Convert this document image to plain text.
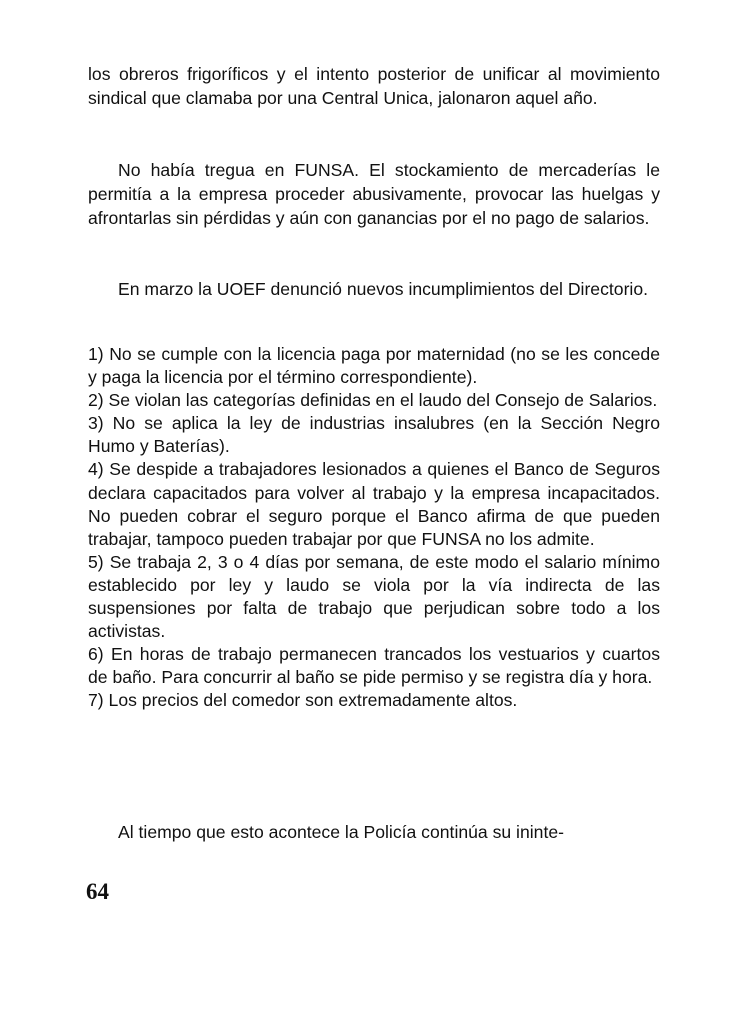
los obreros frigoríficos y el intento posterior de unificar al movimiento sindical que clamaba por una Central Unica, jalonaron aquel año.

No había tregua en FUNSA. El stockamiento de mercaderías le permitía a la empresa proceder abusivamente, provocar las huelgas y afrontarlas sin pérdidas y aún con ganancias por el no pago de salarios.

En marzo la UOEF denunció nuevos incumplimientos del Directorio.

1) No se cumple con la licencia paga por maternidad (no se les concede y paga la licencia por el término correspondiente).
2) Se violan las categorías definidas en el laudo del Consejo de Salarios.
3) No se aplica la ley de industrias insalubres (en la Sección Negro Humo y Baterías).
4) Se despide a trabajadores lesionados a quienes el Banco de Seguros declara capacitados para volver al trabajo y la empresa incapacitados. No pueden cobrar el seguro porque el Banco afirma de que pueden trabajar, tampoco pueden trabajar por que FUNSA no los admite.
5) Se trabaja 2, 3 o 4 días por semana, de este modo el salario mínimo establecido por ley y laudo se viola por la vía indirecta de las suspensiones por falta de trabajo que perjudican sobre todo a los activistas.
6) En horas de trabajo permanecen trancados los vestuarios y cuartos de baño. Para concurrir al baño se pide permiso y se registra día y hora.
7) Los precios del comedor son extremadamente altos.

Al tiempo que esto acontece la Policía continúa su ininte-

64
